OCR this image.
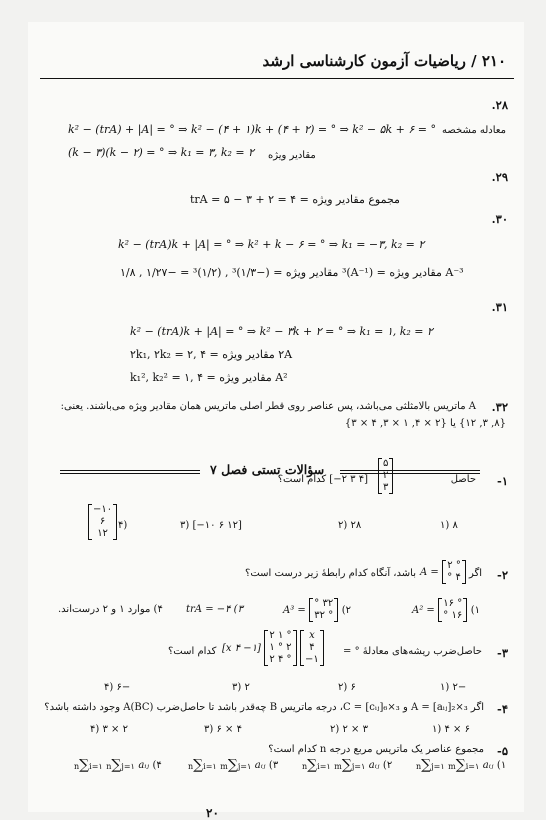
۲۱۰ / ریاضیات آزمون کارشناسی ارشد
.۲۸
معادله مشخصه
k² − (trA) + |A| = ° ⇒ k² − (۴ + ۱)k + (۴ + ۲) = ° ⇒ k² − ۵k + ۶ = °
(k − ۳)(k − ۲) = ° ⇒ k₁ = ۳, k₂ = ۲ مقادیر ویژه
.۲۹
مجموع مقادیر ویژه = trA = ۵ − ۳ + ۲ = ۴
.۳۰
k² − (trA)k + |A| = ° ⇒ k² + k − ۶ = ° ⇒ k₁ = −۳, k₂ = ۲
A⁻³ مقادیر ویژه = (A⁻¹)³ مقادیر ویژه = (−۱/۳)³ , (۱/۲)³ = −۱/۲۷ , ۱/۸
.۳۱
k² − (trA)k + |A| = ° ⇒ k² − ۳k + ۲ = ° ⇒ k₁ = ۱, k₂ = ۲
۲A مقادیر ویژه = ۲k₁, ۲k₂ = ۲, ۴
A² مقادیر ویژه = k₁², k₂² = ۱, ۴
.۳۲
A ماتریس بالامثلثی می‌باشد، پس عناصر روی قطر اصلی ماتریس همان مقادیر ویژه می‌باشند. یعنی:
{۸, ۳, ۱۲} یا {۲ × ۴, ۱ × ۳, ۴ × ۳}
سؤالات تستی فصل ۷
-۱
حاصل
۵
۲
۳
[۴ ۳ ۲−] کدام است؟
۸ (۱
۲۸ (۲
[۱۲ ۶ ۱۰−] (۳
(۴
−۱۰
۶
۱۲
-۲
اگر
A = ۲ °
° ۴
باشد، آنگاه کدام رابطهٔ زیر درست است؟
A² = ۱۶ °
° ۱۶ (۱
A³ = ° ۳۲
۳۲ ° (۲
trA = −۴ (۳
۴) موارد ۱ و ۲ درست‌اند.
-۳
حاصل‌ضرب ریشه‌های معادلهٔ ° =
[x ۴ −۱] ۲ ۱ °
۱ ° ۲
۲ ۴ °
x
۴
−۱
کدام است؟
−۲ (۱
۶ (۲
۲ (۳
−۶ (۴
-۴
اگر A = [aᵢⱼ]₂×₃ و C = [cᵢⱼ]₆×₃، درجه ماتریس B چه‌قدر باشد تا حاصل‌ضرب A(BC) وجود داشته باشد؟
۶ × ۴ (۱
۳ × ۲ (۲
۴ × ۶ (۳
۲ × ۳ (۴
-۵
مجموع عناصر یک ماتریس مربع درجه n کدام است؟
n∑j=۱ m∑i=۱ aᵢⱼ (۱
n∑i=۱ m∑j=۱ aᵢⱼ (۲
n∑i=۱ m∑j=۱ aᵢⱼ (۳
n∑i=۱ n∑j=۱ aᵢⱼ (۴
۲۰
